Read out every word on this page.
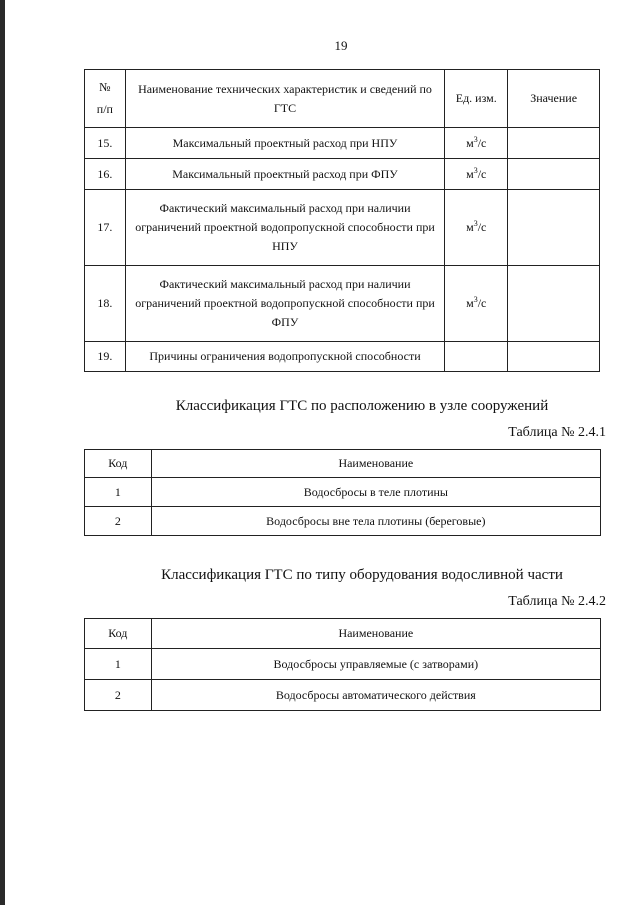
19
№
п/п	Наименование технических характеристик и сведений по ГТС	Ед. изм.	Значение
15.	Максимальный проектный расход при НПУ	$м^3/с$	
16.	Максимальный проектный расход при ФПУ	$м^3/с$	
17.	Фактический максимальный расход при наличии ограничений проектной водопропускной способности при НПУ	$м^3/с$	
18.	Фактический максимальный расход при наличии ограничений проектной водопропускной способности при ФПУ	$м^3/с$	
19.	Причины ограничения водопропускной способности		
Классификация ГТС по расположению в узле сооружений
Таблица № 2.4.1
Код	Наименование
1	Водосбросы в теле плотины
2	Водосбросы вне тела плотины (береговые)
Классификация ГТС по типу оборудования водосливной части
Таблица № 2.4.2
Код	Наименование
1	Водосбросы управляемые (с затворами)
2	Водосбросы автоматического действия
